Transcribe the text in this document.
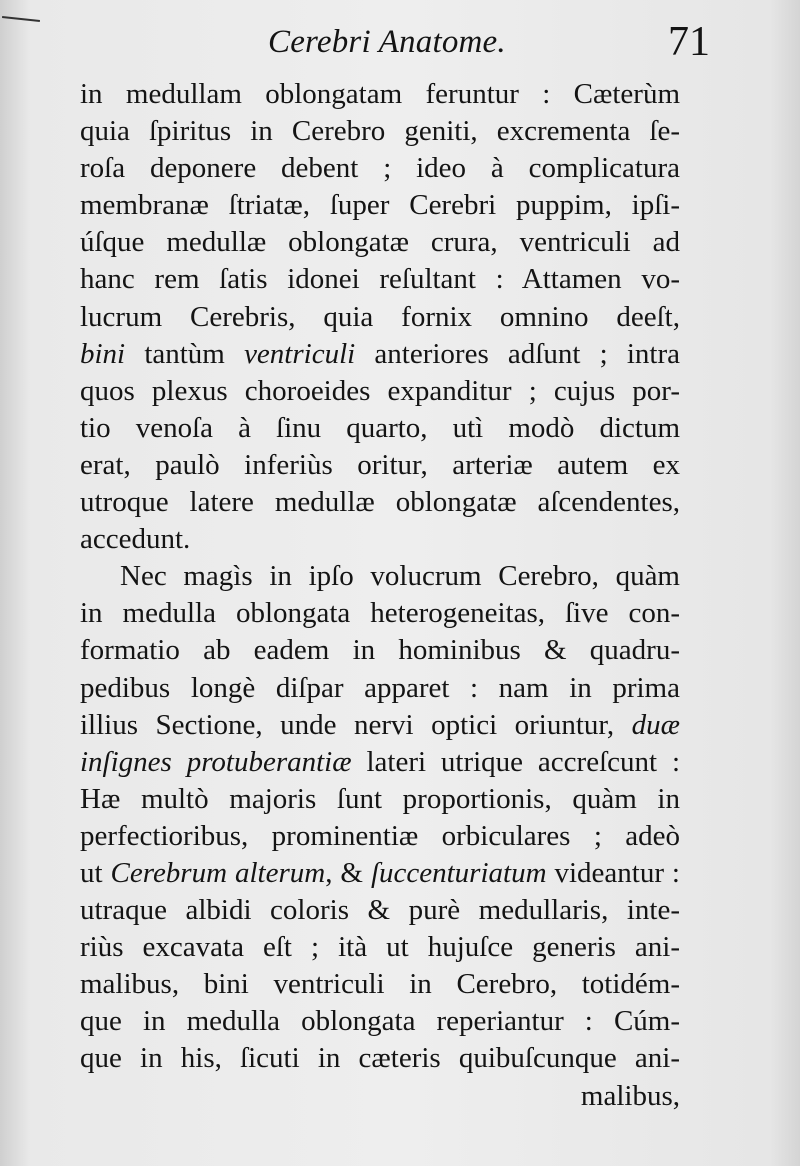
Cerebri Anatome.	71
in medullam oblongatam feruntur : Cæterùm
quia ſpiritus in Cerebro geniti, excrementa ſe-
roſa deponere debent ; ideo à complicatura
membranæ ſtriatæ, ſuper Cerebri puppim, ipſi-
úſque medullæ oblongatæ crura, ventriculi ad
hanc rem ſatis idonei reſultant : Attamen vo-
lucrum Cerebris, quia fornix omnino deeſt,
bini tantùm ventriculi anteriores adſunt ; intra
quos plexus choroeides expanditur ; cujus por-
tio venoſa à ſinu quarto, utì modò dictum
erat, paulò inferiùs oritur, arteriæ autem ex
utroque latere medullæ oblongatæ aſcendentes,
accedunt.
Nec magìs in ipſo volucrum Cerebro, quàm
in medulla oblongata heterogeneitas, ſive con-
formatio ab eadem in hominibus & quadru-
pedibus longè diſpar apparet : nam in prima
illius Sectione, unde nervi optici oriuntur, duæ
inſignes protuberantiæ lateri utrique accreſcunt :
Hæ multò majoris ſunt proportionis, quàm in
perfectioribus, prominentiæ orbiculares ; adeò
ut Cerebrum alterum, & ſuccenturiatum videantur :
utraque albidi coloris & purè medullaris, inte-
riùs excavata eſt ; ità ut hujuſce generis ani-
malibus, bini ventriculi in Cerebro, totidém-
que in medulla oblongata reperiantur : Cúm-
que in his, ſicuti in cæteris quibuſcunque ani-
malibus,
